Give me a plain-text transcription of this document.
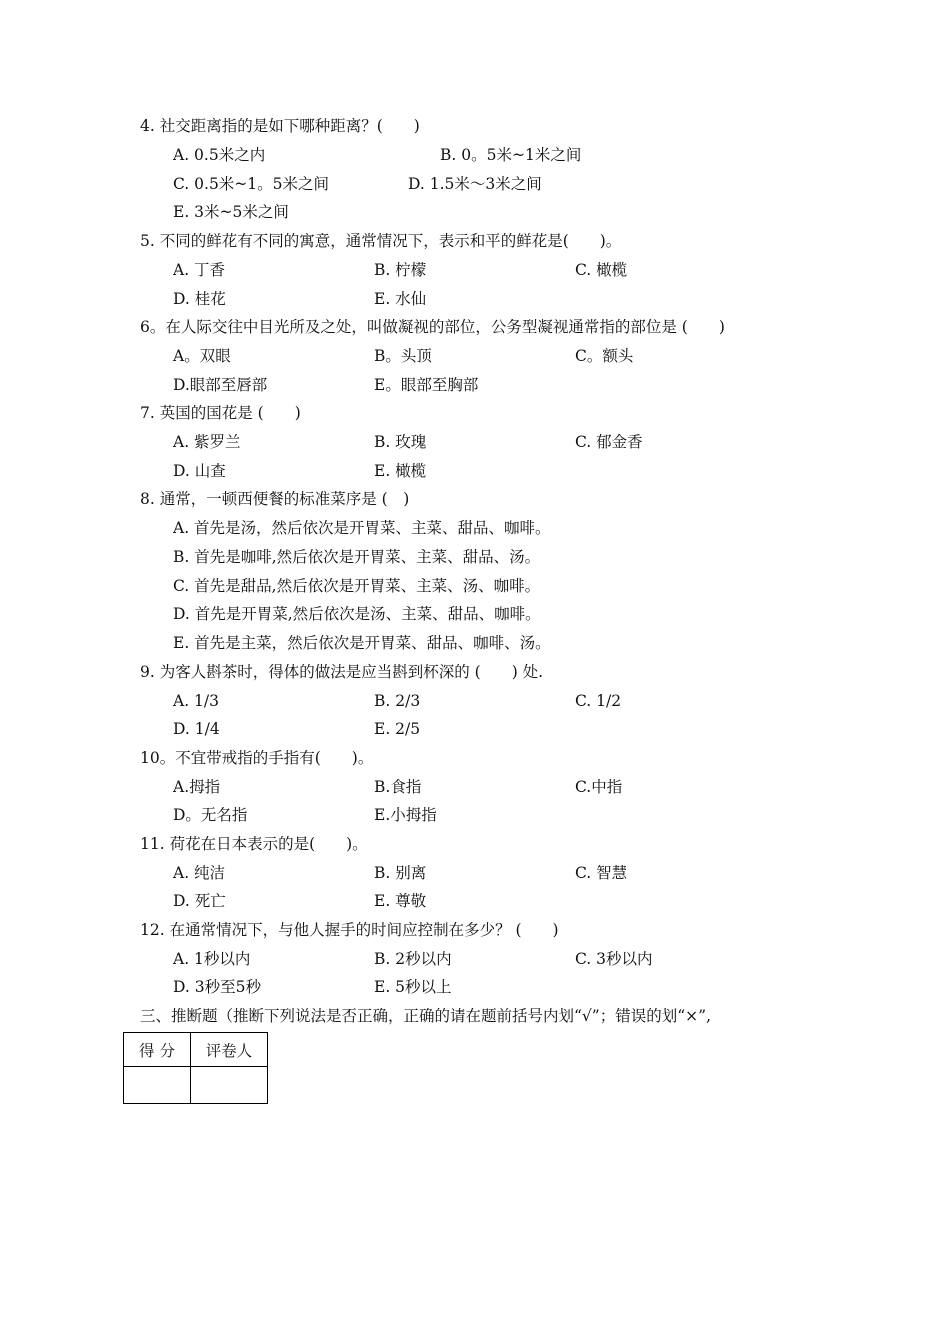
4. 社交距离指的是如下哪种距离？(　　)
A. 0.5米之内	B. 0。5米~1米之间
C. 0.5米~1。5米之间	D. 1.5米～3米之间
E. 3米~5米之间
5. 不同的鲜花有不同的寓意，通常情况下，表示和平的鲜花是(　　)。
A. 丁香	B. 柠檬	C. 橄榄
D. 桂花	E. 水仙
6。在人际交往中目光所及之处，叫做凝视的部位，公务型凝视通常指的部位是 (　　)
A。双眼	B。头顶	C。额头
D.眼部至唇部	E。眼部至胸部
7. 英国的国花是 (　　)
A. 紫罗兰	B. 玫瑰	C. 郁金香
D. 山查	E. 橄榄
8. 通常，一顿西便餐的标准菜序是 (　)
A. 首先是汤，然后依次是开胃菜、主菜、甜品、咖啡。
B. 首先是咖啡,然后依次是开胃菜、主菜、甜品、汤。
C. 首先是甜品,然后依次是开胃菜、主菜、汤、咖啡。
D. 首先是开胃菜,然后依次是汤、主菜、甜品、咖啡。
E. 首先是主菜，然后依次是开胃菜、甜品、咖啡、汤。
9. 为客人斟茶时，得体的做法是应当斟到杯深的 (　　) 处.
A. 1/3	B. 2/3	C. 1/2
D. 1/4	E. 2/5
10。不宜带戒指的手指有(　　)。
A.拇指	B.食指	C.中指
D。无名指	E.小拇指
11. 荷花在日本表示的是(　　)。
A. 纯洁	B. 别离	C. 智慧
D. 死亡	E. 尊敬
12. 在通常情况下，与他人握手的时间应控制在多少？ (　　)
A. 1秒以内	B. 2秒以内	C. 3秒以内
D. 3秒至5秒	E. 5秒以上
三、推断题（推断下列说法是否正确，正确的请在题前括号内划“√”；错误的划“×”,
得 分	评卷人
